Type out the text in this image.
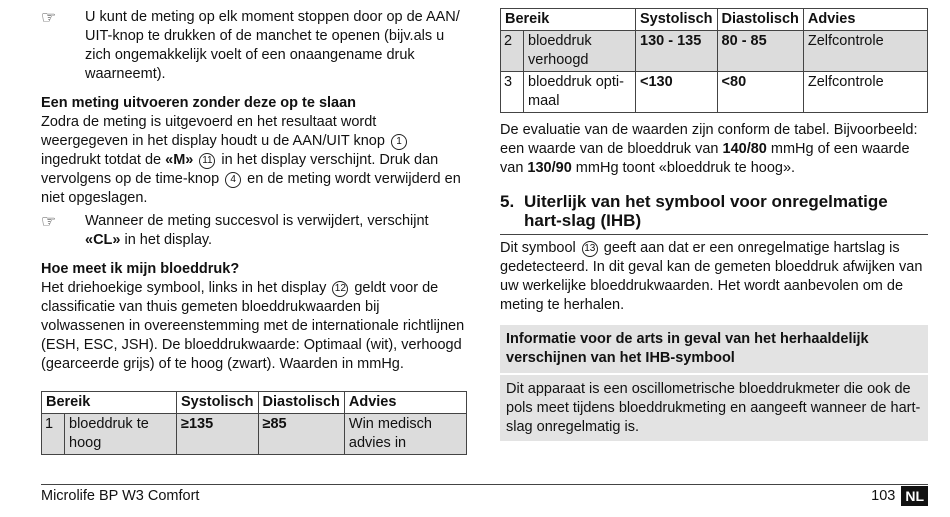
☞	U kunt de meting op elk moment stoppen door op de AAN/ UIT-knop te drukken of de manchet te openen (bijv.als u zich ongemakkelijk voelt of een onaangename druk waarneemt).

Een meting uitvoeren zonder deze op te slaan

Zodra de meting is uitgevoerd en het resultaat wordt weergegeven in het display houdt u de AAN/UIT knop 1 ingedrukt totdat de «M» 11 in het display verschijnt. Druk dan vervolgens op de time-knop 4 en de meting wordt verwijderd en niet opgeslagen.

☞	Wanneer de meting succesvol is verwijdert, verschijnt «CL» in het display.

Hoe meet ik mijn bloeddruk?

Het driehoekige symbool, links in het display 12 geldt voor de classificatie van thuis gemeten bloeddrukwaarden bij volwassenen in overeenstemming met de internationale richtlijnen (ESH, ESC, JSH). De bloeddrukwaarde: Optimaal (wit), verhoogd (gearceerde grijs) of te hoog (zwart). Waarden in mmHg.

Bereik	Systolisch	Diastolisch	Advies

1 bloeddruk te hoog	≥135	≥85	Win medisch advies in
Bereik	Systolisch	Diastolisch	Advies

2 bloeddruk verhoogd	130 - 135	80 - 85	Zelfcontrole

3 bloeddruk opti-maal	<130	<80	Zelfcontrole

De evaluatie van de waarden zijn conform de tabel. Bijvoorbeeld: een waarde van de bloeddruk van 140/80 mmHg of een waarde van 130/90 mmHg toont «bloeddruk te hoog».

5. Uiterlijk van het symbool voor onregelmatige hart-slag (IHB)

Dit symbool 13 geeft aan dat er een onregelmatige hartslag is gedetecteerd. In dit geval kan de gemeten bloeddruk afwijken van uw werkelijke bloeddrukwaarden. Het wordt aanbevolen om de meting te herhalen.

Informatie voor de arts in geval van het herhaaldelijk verschijnen van het IHB-symbool
Dit apparaat is een oscillometrische bloeddrukmeter die ook de pols meet tijdens bloeddrukmeting en aangeeft wanneer de hart-slag onregelmatig is.
Microlife BP W3 Comfort	103 NL
